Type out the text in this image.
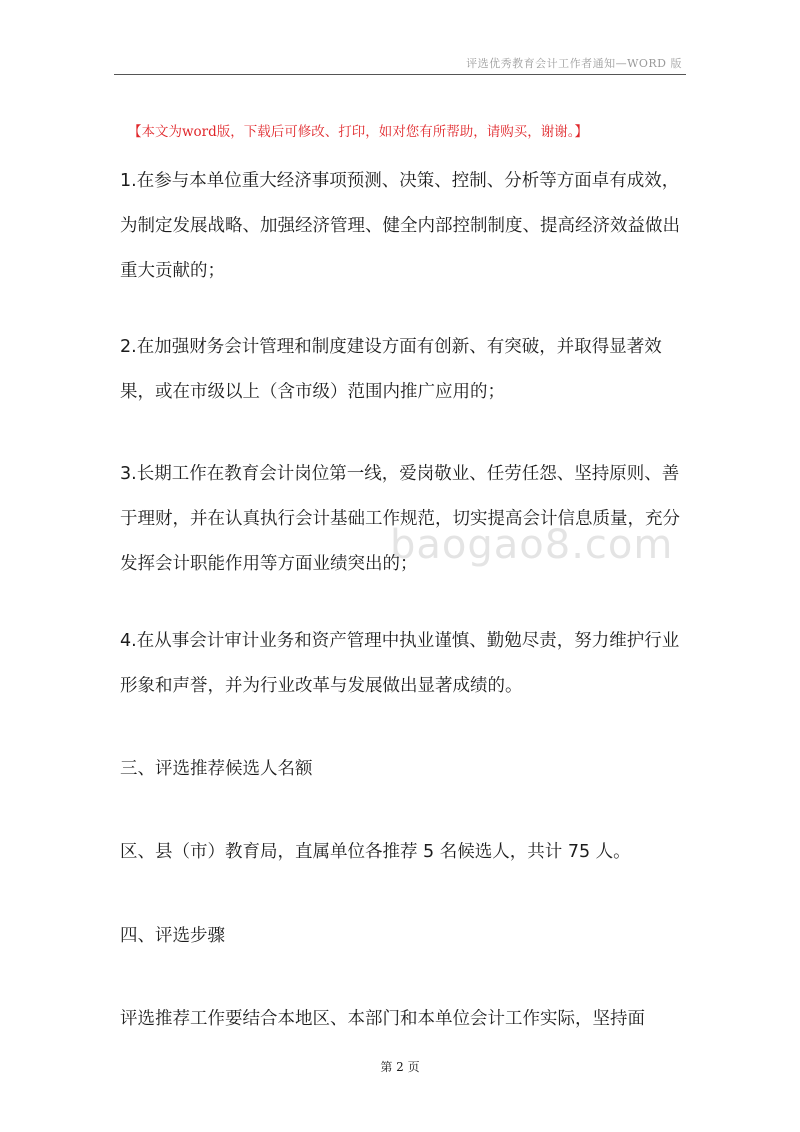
评选优秀教育会计工作者通知—WORD 版
【本文为word版，下载后可修改、打印，如对您有所帮助，请购买，谢谢。】
baogao8.com

1.在参与本单位重大经济事项预测、决策、控制、分析等方面卓有成效，为制定发展战略、加强经济管理、健全内部控制制度、提高经济效益做出重大贡献的；

2.在加强财务会计管理和制度建设方面有创新、有突破，并取得显著效果，或在市级以上（含市级）范围内推广应用的；

3.长期工作在教育会计岗位第一线，爱岗敬业、任劳任怨、坚持原则、善于理财，并在认真执行会计基础工作规范，切实提高会计信息质量，充分发挥会计职能作用等方面业绩突出的；

4.在从事会计审计业务和资产管理中执业谨慎、勤勉尽责，努力维护行业形象和声誉，并为行业改革与发展做出显著成绩的。

三、评选推荐候选人名额

区、县（市）教育局，直属单位各推荐 5 名候选人，共计 75 人。

四、评选步骤

评选推荐工作要结合本地区、本部门和本单位会计工作实际，坚持面

第 2 页
